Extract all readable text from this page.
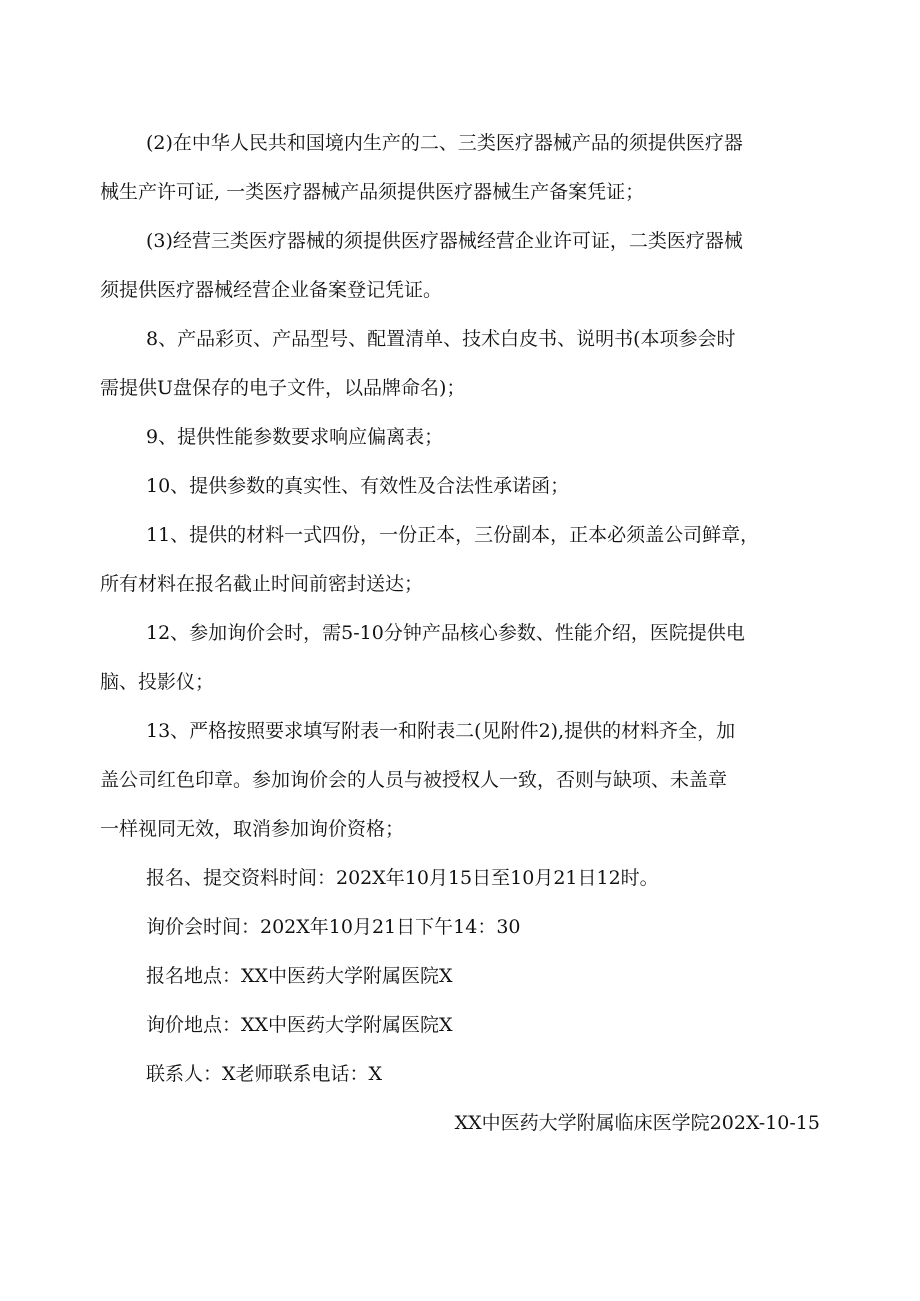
(2)在中华人民共和国境内生产的二、三类医疗器械产品的须提供医疗器

械生产许可证, 一类医疗器械产品须提供医疗器械生产备案凭证；

(3)经营三类医疗器械的须提供医疗器械经营企业许可证，二类医疗器械

须提供医疗器械经营企业备案登记凭证。

8、产品彩页、产品型号、配置清单、技术白皮书、说明书(本项参会时

需提供U盘保存的电子文件，以品牌命名)；

9、提供性能参数要求响应偏离表；

10、提供参数的真实性、有效性及合法性承诺函；

11、提供的材料一式四份，一份正本，三份副本，正本必须盖公司鲜章，

所有材料在报名截止时间前密封送达；

12、参加询价会时，需5-10分钟产品核心参数、性能介绍，医院提供电

脑、投影仪；

13、严格按照要求填写附表一和附表二(见附件2),提供的材料齐全，加

盖公司红色印章。参加询价会的人员与被授权人一致，否则与缺项、未盖章

一样视同无效，取消参加询价资格；

报名、提交资料时间：202X年10月15日至10月21日12时。

询价会时间：202X年10月21日下午14：30

报名地点：XX中医药大学附属医院X

询价地点：XX中医药大学附属医院X

联系人：X老师联系电话：X

XX中医药大学附属临床医学院202X-10-15
